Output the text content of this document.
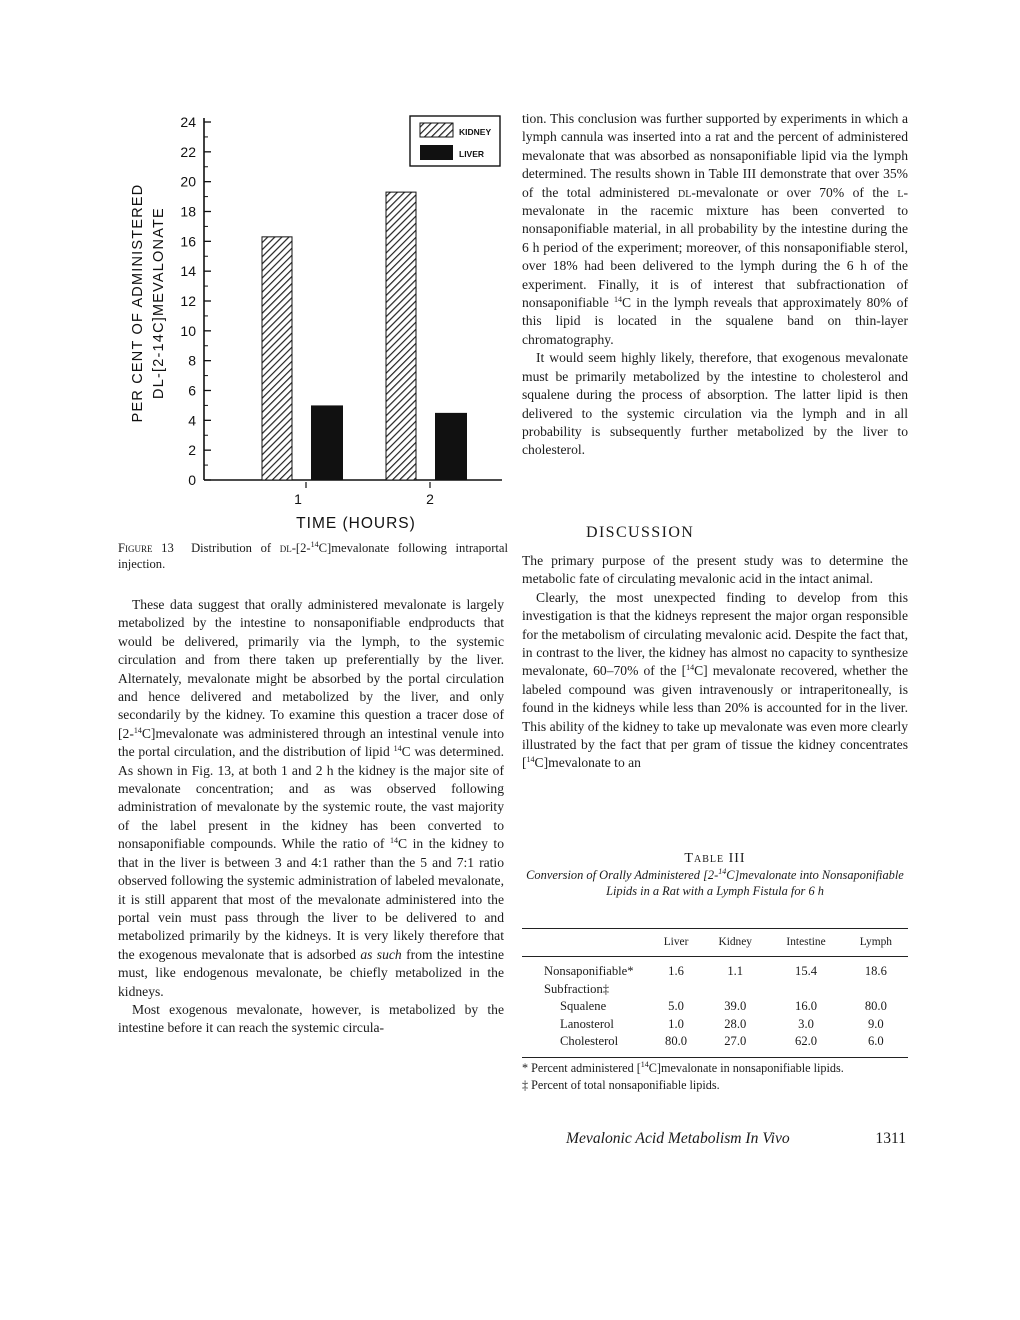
0
2
4
6
8
10
12
14
16
18
20
22
24
PER CENT OF ADMINISTERED DL-[2-14C]MEVALONATE
1	2
TIME (HOURS)
KIDNEY
LIVER
Figure 13 Distribution of dl-[2-$^{14}$C]mevalonate following intraportal injection.

These data suggest that orally administered mevalonate is largely metabolized by the intestine to nonsaponifiable endproducts that would be delivered, primarily via the lymph, to the systemic circulation and from there taken up preferentially by the liver. Alternately, mevalonate might be absorbed by the portal circulation and hence delivered and metabolized by the liver, and only secondarily by the kidney. To examine this question a tracer dose of [2-$^{14}$C]mevalonate was administered through an intestinal venule into the portal circulation, and the distribution of lipid $^{14}$C was determined. As shown in Fig. 13, at both 1 and 2 h the kidney is the major site of mevalonate concentration; and as was observed following administration of mevalonate by the systemic route, the vast majority of the label present in the kidney has been converted to nonsaponifiable compounds. While the ratio of $^{14}$C in the kidney to that in the liver is between 3 and 4:1 rather than the 5 and 7:1 ratio observed following the systemic administration of labeled mevalonate, it is still apparent that most of the mevalonate administered into the portal vein must pass through the liver to be delivered to and metabolized primarily by the kidneys. It is very likely therefore that the exogenous mevalonate that is adsorbed as such from the intestine must, like endogenous mevalonate, be chiefly metabolized in the kidneys.

Most exogenous mevalonate, however, is metabolized by the intestine before it can reach the systemic circula-

tion. This conclusion was further supported by experiments in which a lymph cannula was inserted into a rat and the percent of administered mevalonate that was absorbed as nonsaponifiable lipid via the lymph determined. The results shown in Table III demonstrate that over 35% of the total administered dl-mevalonate or over 70% of the l-mevalonate in the racemic mixture has been converted to nonsaponifiable material, in all probability by the intestine during the 6 h period of the experiment; moreover, of this nonsaponifiable sterol, over 18% had been delivered to the lymph during the 6 h of the experiment. Finally, it is of interest that subfractionation of nonsaponifiable $^{14}$C in the lymph reveals that approximately 80% of this lipid is located in the squalene band on thin-layer chromatography.

It would seem highly likely, therefore, that exogenous mevalonate must be primarily metabolized by the intestine to cholesterol and squalene during the process of absorption. The latter lipid is then delivered to the systemic circulation via the lymph and in all probability is subsequently further metabolized by the liver to cholesterol.

DISCUSSION

The primary purpose of the present study was to determine the metabolic fate of circulating mevalonic acid in the intact animal.

Clearly, the most unexpected finding to develop from this investigation is that the kidneys represent the major organ responsible for the metabolism of circulating mevalonic acid. Despite the fact that, in contrast to the liver, the kidney has almost no capacity to synthesize mevalonate, 60–70% of the [$^{14}$C] mevalonate recovered, whether the labeled compound was given intravenously or intraperitoneally, is found in the kidneys while less than 20% is accounted for in the liver. This ability of the kidney to take up mevalonate was even more clearly illustrated by the fact that per gram of tissue the kidney concentrates [$^{14}$C]mevalonate to an

Table III
Conversion of Orally Administered [2-$^{14}$C]mevalonate into Nonsaponifiable Lipids in a Rat with a Lymph Fistula for 6 h
	Liver	Kidney	Intestine	Lymph
Nonsaponifiable*	1.6	1.1	15.4	18.6
Subfraction‡				
Squalene	5.0	39.0	16.0	80.0
Lanosterol	1.0	28.0	3.0	9.0
Cholesterol	80.0	27.0	62.0	6.0
* Percent administered [$^{14}$C]mevalonate in nonsaponifiable lipids.
‡ Percent of total nonsaponifiable lipids.
Mevalonic Acid Metabolism In Vivo	1311
